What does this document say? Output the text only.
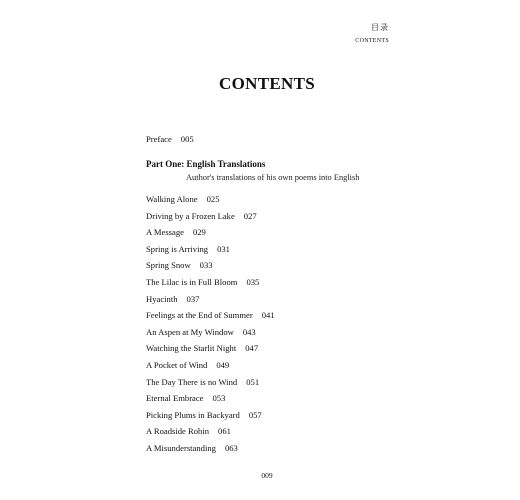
目录
CONTENTS
CONTENTS
Preface 005
Part One: English Translations
Author's translations of his own poems into English
Walking Alone 025
Driving by a Frozen Lake 027
A Message 029
Spring is Arriving 031
Spring Snow 033
The Lilac is in Full Bloom 035
Hyacinth 037
Feelings at the End of Summer 041
An Aspen at My Window 043
Watching the Starlit Night 047
A Pocket of Wind 049
The Day There is no Wind 051
Eternal Embrace 053
Picking Plums in Backyard 057
A Roadside Robin 061
A Misunderstanding 063
009
